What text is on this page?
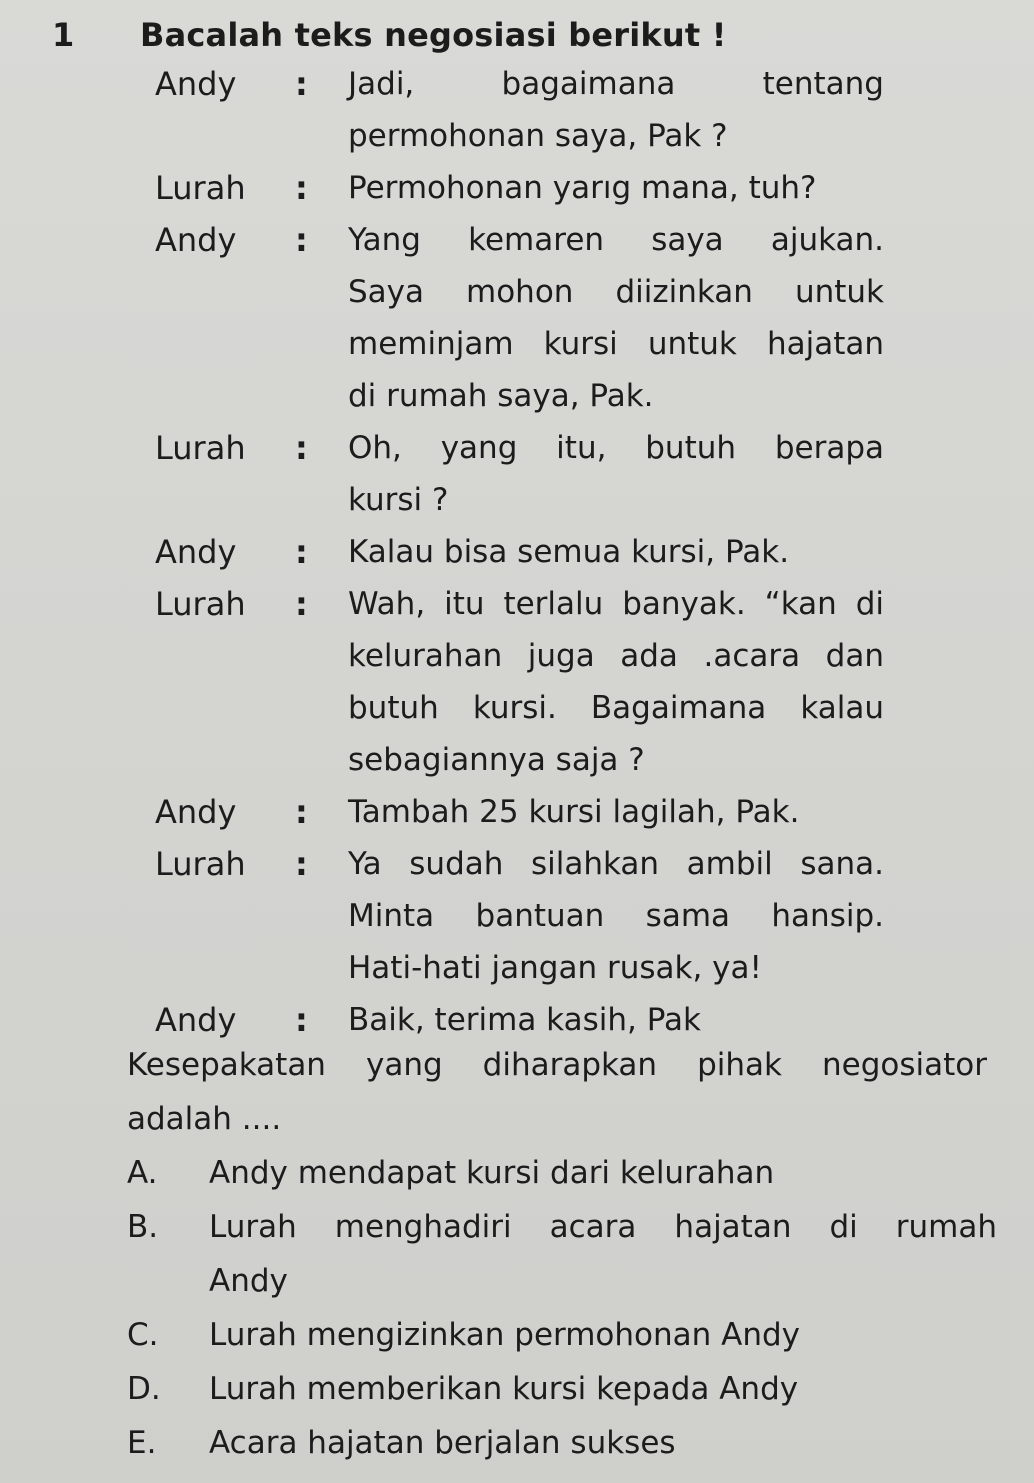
1 Bacalah teks negosiasi berikut !
Andy : Jadi, bagaimana tentang
permohonan saya, Pak ?
Lurah : Permohonan yarıg mana, tuh?
Andy : Yang kemaren saya ajukan.
Saya mohon diizinkan untuk
meminjam kursi untuk hajatan
di rumah saya, Pak.
Lurah : Oh, yang itu, butuh berapa
kursi ?
Andy : Kalau bisa semua kursi, Pak.
Lurah : Wah, itu terlalu banyak. “kan di
kelurahan juga ada .acara dan
butuh kursi. Bagaimana kalau
sebagiannya saja ?
Andy : Tambah 25 kursi lagilah, Pak.
Lurah : Ya sudah silahkan ambil sana.
Minta bantuan sama hansip.
Hati-hati jangan rusak, ya!
Andy : Baik, terima kasih, Pak
Kesepakatan yang diharapkan pihak negosiator
adalah ....
A. Andy mendapat kursi dari kelurahan
B. Lurah menghadiri acara hajatan di rumah
Andy
C. Lurah mengizinkan permohonan Andy
D. Lurah memberikan kursi kepada Andy
E. Acara hajatan berjalan sukses
